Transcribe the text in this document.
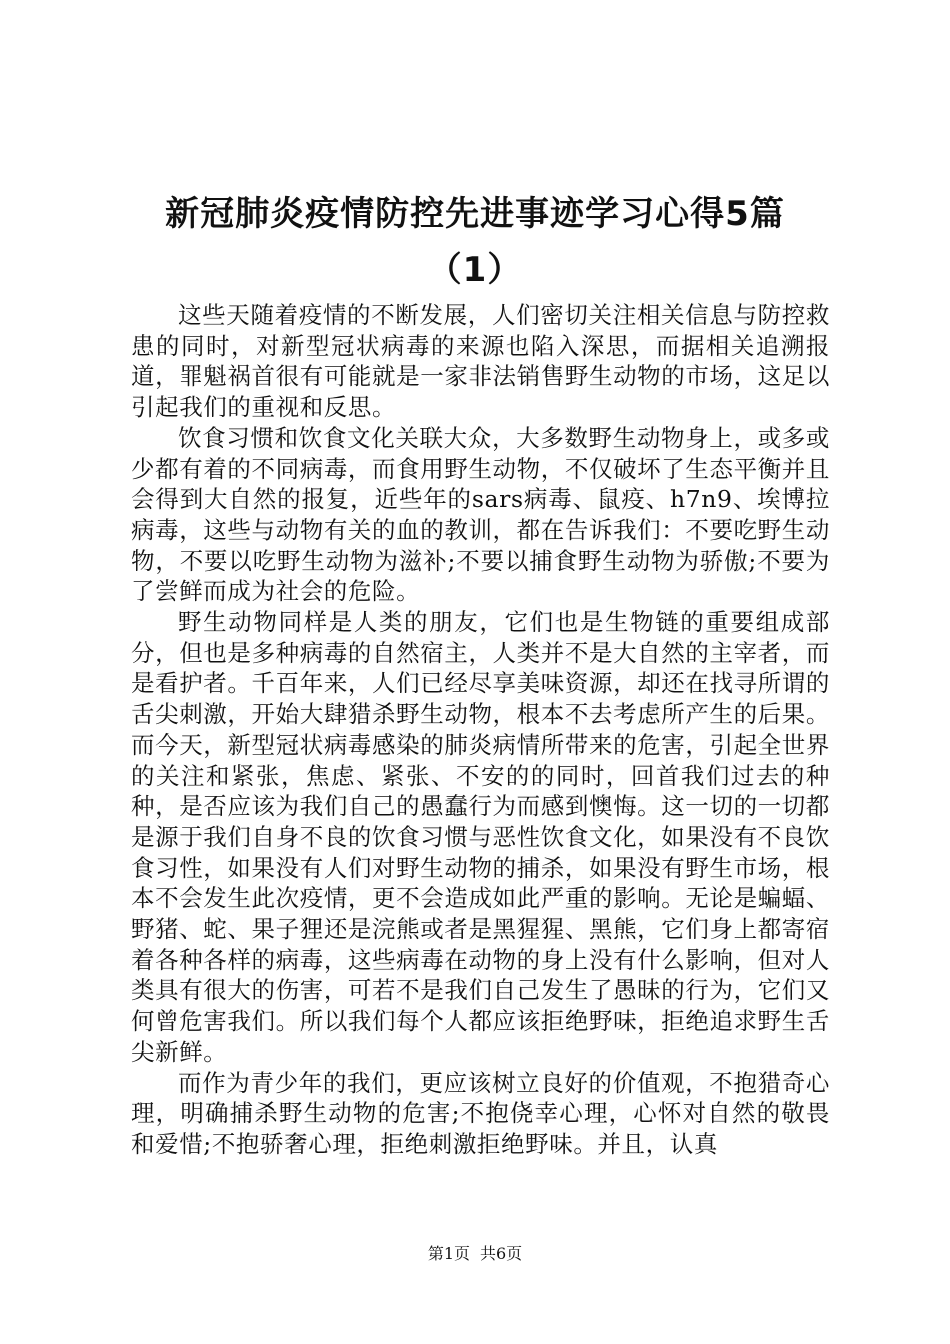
新冠肺炎疫情防控先进事迹学习心得5篇
（1）

这些天随着疫情的不断发展，人们密切关注相关信息与防控救患的同时，对新型冠状病毒的来源也陷入深思，而据相关追溯报道，罪魁祸首很有可能就是一家非法销售野生动物的市场，这足以引起我们的重视和反思。

饮食习惯和饮食文化关联大众，大多数野生动物身上，或多或少都有着的不同病毒，而食用野生动物，不仅破坏了生态平衡并且会得到大自然的报复，近些年的sars病毒、鼠疫、h7n9、埃博拉病毒，这些与动物有关的血的教训，都在告诉我们：不要吃野生动物，不要以吃野生动物为滋补;不要以捕食野生动物为骄傲;不要为了尝鲜而成为社会的危险。

野生动物同样是人类的朋友，它们也是生物链的重要组成部分，但也是多种病毒的自然宿主，人类并不是大自然的主宰者，而是看护者。千百年来，人们已经尽享美味资源，却还在找寻所谓的舌尖刺激，开始大肆猎杀野生动物，根本不去考虑所产生的后果。而今天，新型冠状病毒感染的肺炎病情所带来的危害，引起全世界的关注和紧张，焦虑、紧张、不安的的同时，回首我们过去的种种，是否应该为我们自己的愚蠢行为而感到懊悔。这一切的一切都是源于我们自身不良的饮食习惯与恶性饮食文化，如果没有不良饮食习性，如果没有人们对野生动物的捕杀，如果没有野生市场，根本不会发生此次疫情，更不会造成如此严重的影响。无论是蝙蝠、野猪、蛇、果子狸还是浣熊或者是黑猩猩、黑熊，它们身上都寄宿着各种各样的病毒，这些病毒在动物的身上没有什么影响，但对人类具有很大的伤害，可若不是我们自己发生了愚昧的行为，它们又何曾危害我们。所以我们每个人都应该拒绝野味，拒绝追求野生舌尖新鲜。

而作为青少年的我们，更应该树立良好的价值观，不抱猎奇心理，明确捕杀野生动物的危害;不抱侥幸心理，心怀对自然的敬畏和爱惜;不抱骄奢心理，拒绝刺激拒绝野味。并且，认真

第1页 共6页
